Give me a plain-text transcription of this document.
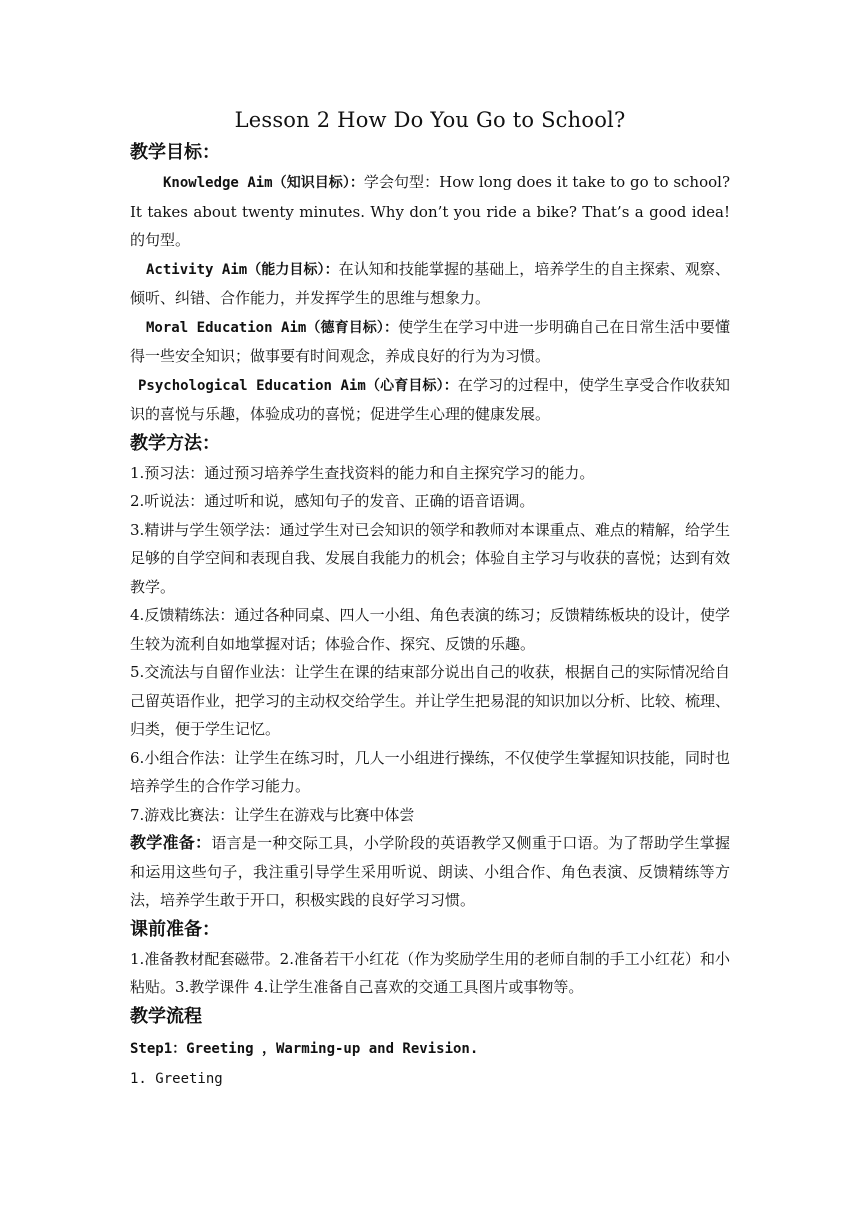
Lesson 2 How Do You Go to School?
教学目标：

Knowledge Aim（知识目标）：学会句型：How long does it take to go to school? It takes about twenty minutes. Why don’t you ride a bike? That’s a good idea!的句型。

Activity Aim（能力目标）：在认知和技能掌握的基础上，培养学生的自主探索、观察、倾听、纠错、合作能力，并发挥学生的思维与想象力。

Moral Education Aim（德育目标）：使学生在学习中进一步明确自己在日常生活中要懂得一些安全知识；做事要有时间观念，养成良好的行为为习惯。

Psychological Education Aim（心育目标）：在学习的过程中，使学生享受合作收获知识的喜悦与乐趣，体验成功的喜悦；促进学生心理的健康发展。

教学方法：

1.预习法：通过预习培养学生查找资料的能力和自主探究学习的能力。

2.听说法：通过听和说，感知句子的发音、正确的语音语调。

3.精讲与学生领学法：通过学生对已会知识的领学和教师对本课重点、难点的精解，给学生足够的自学空间和表现自我、发展自我能力的机会；体验自主学习与收获的喜悦；达到有效教学。

4.反馈精练法：通过各种同桌、四人一小组、角色表演的练习；反馈精练板块的设计，使学生较为流利自如地掌握对话；体验合作、探究、反馈的乐趣。

5.交流法与自留作业法：让学生在课的结束部分说出自己的收获，根据自己的实际情况给自己留英语作业，把学习的主动权交给学生。并让学生把易混的知识加以分析、比较、梳理、归类，便于学生记忆。

6.小组合作法：让学生在练习时，几人一小组进行操练，不仅使学生掌握知识技能，同时也培养学生的合作学习能力。

7.游戏比赛法：让学生在游戏与比赛中体尝

教学准备：语言是一种交际工具，小学阶段的英语教学又侧重于口语。为了帮助学生掌握和运用这些句子，我注重引导学生采用听说、朗读、小组合作、角色表演、反馈精练等方法，培养学生敢于开口，积极实践的良好学习习惯。

课前准备：

1.准备教材配套磁带。2.准备若干小红花（作为奖励学生用的老师自制的手工小红花）和小粘贴。3.教学课件 4.让学生准备自己喜欢的交通工具图片或事物等。

教学流程
Step1：Greeting ，Warming-up and Revision.
1. Greeting
